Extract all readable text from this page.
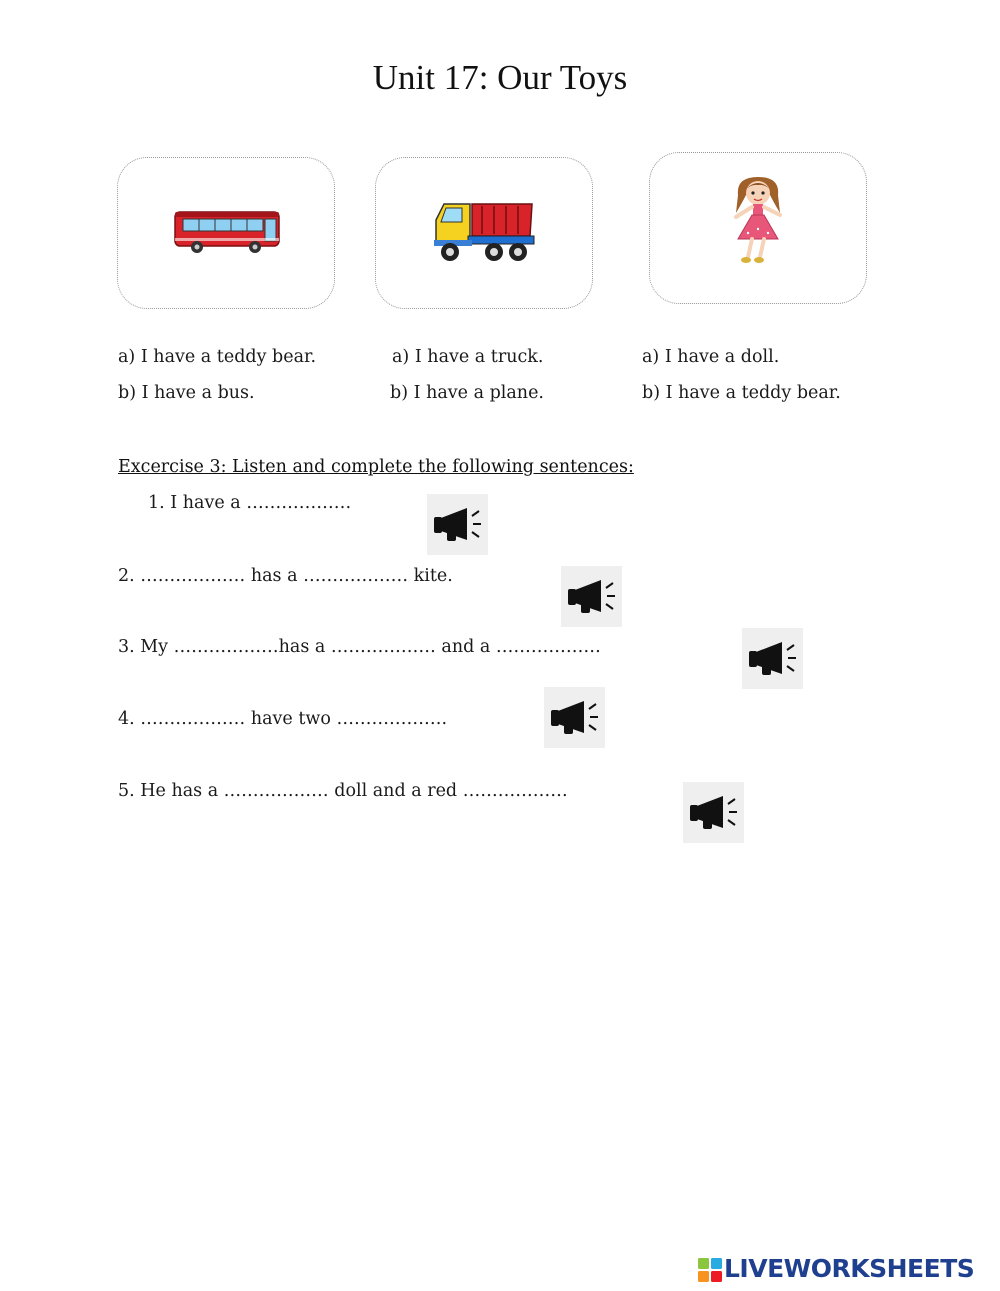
Unit 17: Our Toys
a) I have a teddy bear.
b) I have a bus.
a) I have a truck.
b) I have a plane.
a) I have a doll.
b) I have a teddy bear.
Excercise 3: Listen and complete the following sentences:
1. I have a ………………
2. ……………… has a ……………… kite.
3. My ………………has a ……………… and a ………………
4. ……………… have two ……………….
5. He has a ……………… doll and a red ………………
LIVEWORKSHEETS
